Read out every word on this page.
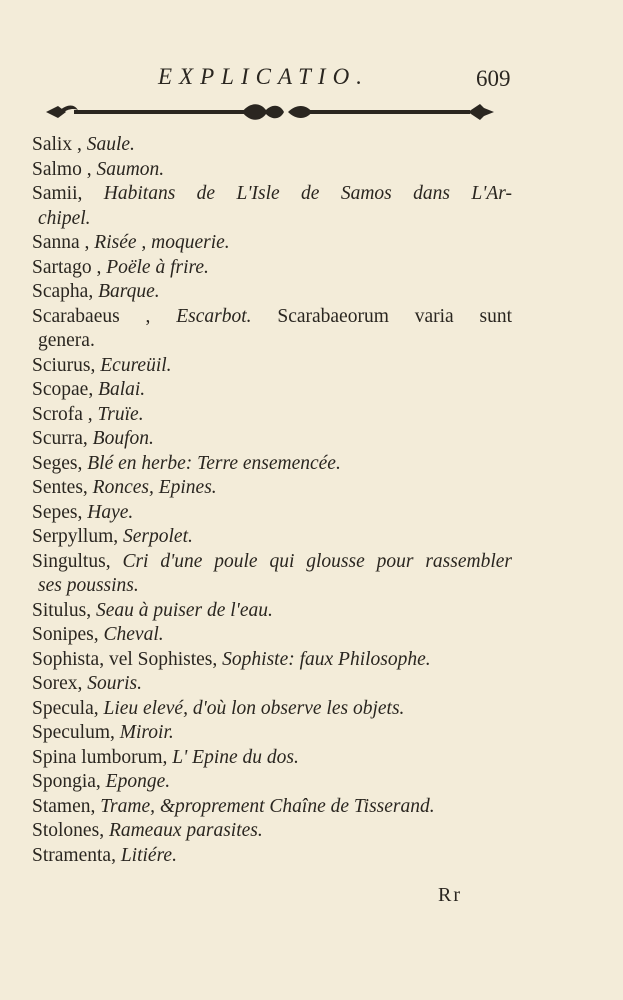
EXPLICATIO.	609
Salix , Saule.
Salmo , Saumon.
Samii, Habitans de L'Isle de Samos dans L'Ar-
chipel.
Sanna , Risée , moquerie.
Sartago , Poële à frire.
Scapha, Barque.
Scarabaeus , Escarbot. Scarabaeorum varia sunt
genera.
Sciurus, Ecureüil.
Scopae, Balai.
Scrofa , Truïe.
Scurra, Boufon.
Seges, Blé en herbe: Terre ensemencée.
Sentes, Ronces, Epines.
Sepes, Haye.
Serpyllum, Serpolet.
Singultus, Cri d'une poule qui glousse pour rassembler
ses poussins.
Situlus, Seau à puiser de l'eau.
Sonipes, Cheval.
Sophista, vel Sophistes, Sophiste: faux Philosophe.
Sorex, Souris.
Specula, Lieu elevé, d'où lon observe les objets.
Speculum, Miroir.
Spina lumborum, L' Epine du dos.
Spongia, Eponge.
Stamen, Trame, &proprement Chaîne de Tisserand.
Stolones, Rameaux parasites.
Stramenta, Litiére.
Rr
